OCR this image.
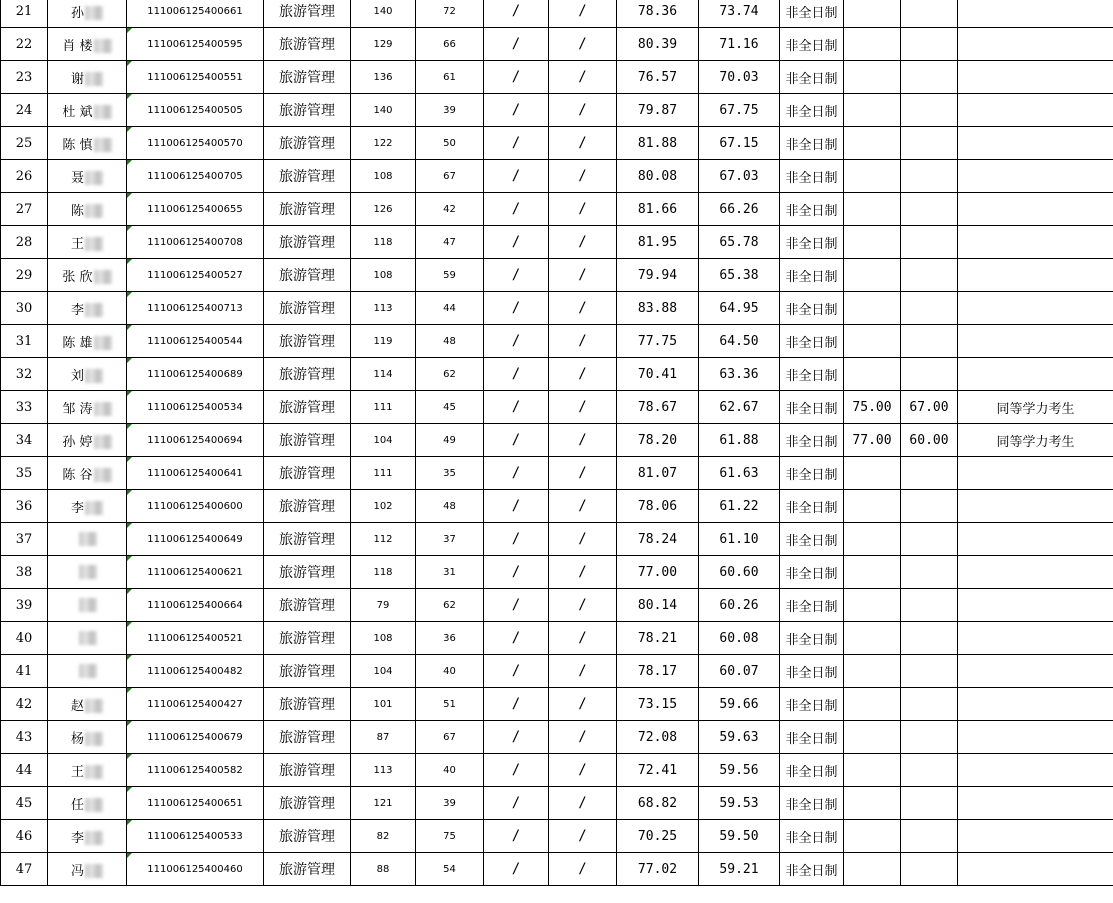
21	孙	111006125400661	旅游管理	140	72	/	/	78.36	73.74	非全日制			
22	肖 楼	111006125400595	旅游管理	129	66	/	/	80.39	71.16	非全日制			
23	谢	111006125400551	旅游管理	136	61	/	/	76.57	70.03	非全日制			
24	杜 斌	111006125400505	旅游管理	140	39	/	/	79.87	67.75	非全日制			
25	陈 慎	111006125400570	旅游管理	122	50	/	/	81.88	67.15	非全日制			
26	聂	111006125400705	旅游管理	108	67	/	/	80.08	67.03	非全日制			
27	陈	111006125400655	旅游管理	126	42	/	/	81.66	66.26	非全日制			
28	王	111006125400708	旅游管理	118	47	/	/	81.95	65.78	非全日制			
29	张 欣	111006125400527	旅游管理	108	59	/	/	79.94	65.38	非全日制			
30	李	111006125400713	旅游管理	113	44	/	/	83.88	64.95	非全日制			
31	陈 雄	111006125400544	旅游管理	119	48	/	/	77.75	64.50	非全日制			
32	刘	111006125400689	旅游管理	114	62	/	/	70.41	63.36	非全日制			
33	邹 涛	111006125400534	旅游管理	111	45	/	/	78.67	62.67	非全日制	75.00	67.00	同等学力考生
34	孙 婷	111006125400694	旅游管理	104	49	/	/	78.20	61.88	非全日制	77.00	60.00	同等学力考生
35	陈 谷	111006125400641	旅游管理	111	35	/	/	81.07	61.63	非全日制			
36	李	111006125400600	旅游管理	102	48	/	/	78.06	61.22	非全日制			
37		111006125400649	旅游管理	112	37	/	/	78.24	61.10	非全日制			
38		111006125400621	旅游管理	118	31	/	/	77.00	60.60	非全日制			
39		111006125400664	旅游管理	79	62	/	/	80.14	60.26	非全日制			
40		111006125400521	旅游管理	108	36	/	/	78.21	60.08	非全日制			
41		111006125400482	旅游管理	104	40	/	/	78.17	60.07	非全日制			
42	赵	111006125400427	旅游管理	101	51	/	/	73.15	59.66	非全日制			
43	杨	111006125400679	旅游管理	87	67	/	/	72.08	59.63	非全日制			
44	王	111006125400582	旅游管理	113	40	/	/	72.41	59.56	非全日制			
45	任	111006125400651	旅游管理	121	39	/	/	68.82	59.53	非全日制			
46	李	111006125400533	旅游管理	82	75	/	/	70.25	59.50	非全日制			
47	冯	111006125400460	旅游管理	88	54	/	/	77.02	59.21	非全日制			
